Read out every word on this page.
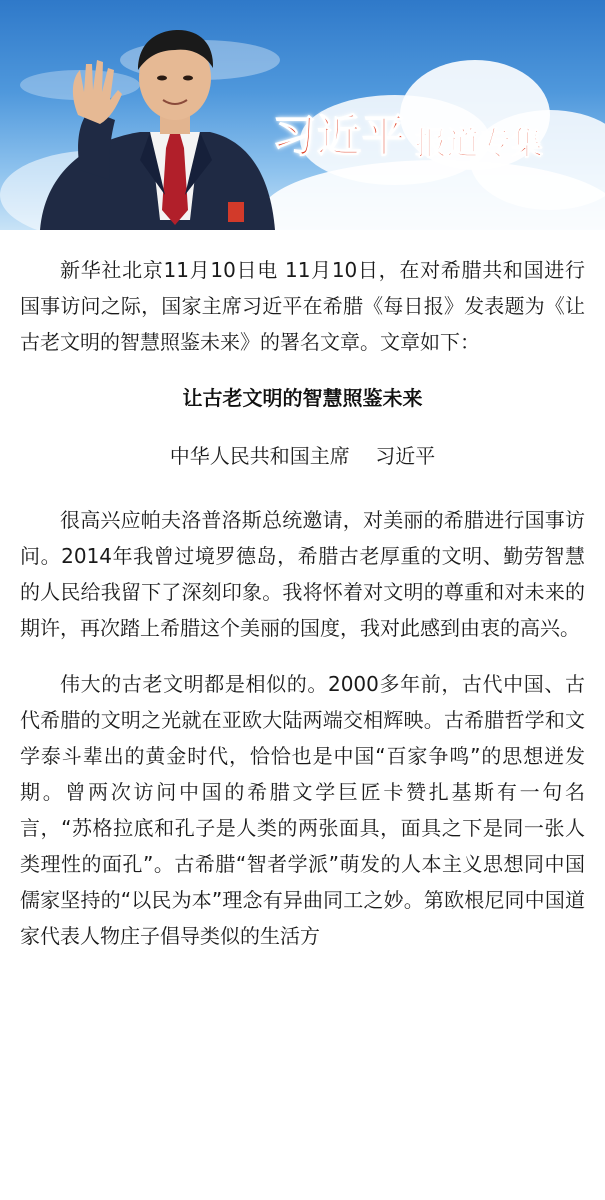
习近平 报道专集

新华社北京11月10日电 11月10日，在对希腊共和国进行国事访问之际，国家主席习近平在希腊《每日报》发表题为《让古老文明的智慧照鉴未来》的署名文章。文章如下：

让古老文明的智慧照鉴未来

中华人民共和国主席    习近平

很高兴应帕夫洛普洛斯总统邀请，对美丽的希腊进行国事访问。2014年我曾过境罗德岛，希腊古老厚重的文明、勤劳智慧的人民给我留下了深刻印象。我将怀着对文明的尊重和对未来的期许，再次踏上希腊这个美丽的国度，我对此感到由衷的高兴。

伟大的古老文明都是相似的。2000多年前，古代中国、古代希腊的文明之光就在亚欧大陆两端交相辉映。古希腊哲学和文学泰斗辈出的黄金时代，恰恰也是中国“百家争鸣”的思想迸发期。曾两次访问中国的希腊文学巨匠卡赞扎基斯有一句名言，“苏格拉底和孔子是人类的两张面具，面具之下是同一张人类理性的面孔”。古希腊“智者学派”萌发的人本主义思想同中国儒家坚持的“以民为本”理念有异曲同工之妙。第欧根尼同中国道家代表人物庄子倡导类似的生活方
